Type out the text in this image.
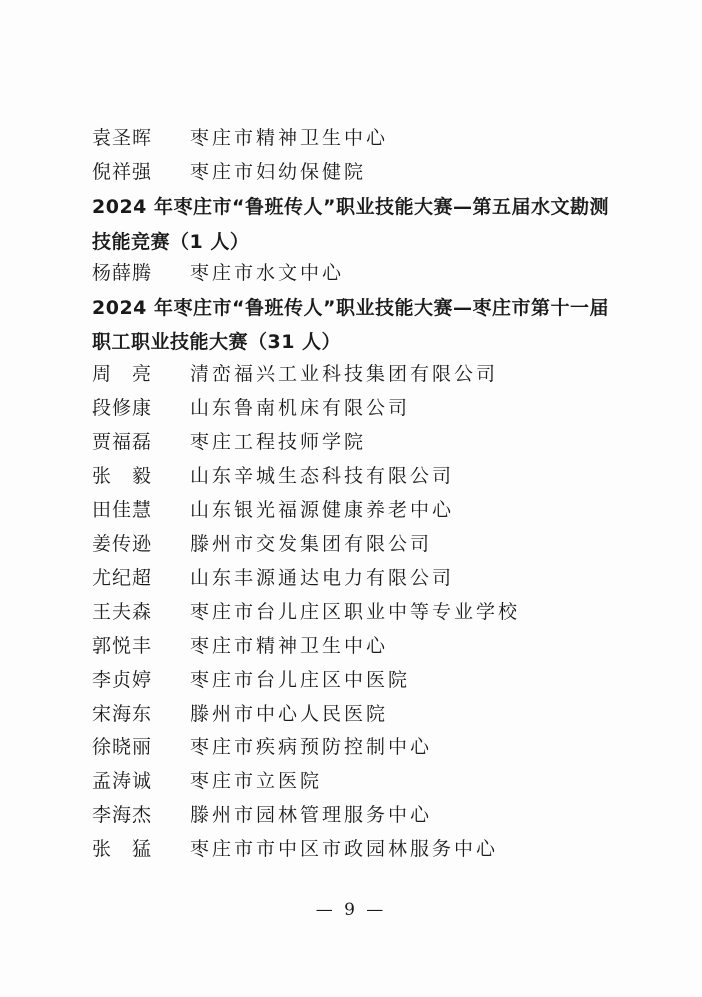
袁圣晖 枣庄市精神卫生中心
倪祥强 枣庄市妇幼保健院
2024 年枣庄市“鲁班传人”职业技能大赛—第五届水文勘测
技能竞赛（1 人）
杨薛腾 枣庄市水文中心
2024 年枣庄市“鲁班传人”职业技能大赛—枣庄市第十一届
职工职业技能大赛（31 人）
周　亮 清峦福兴工业科技集团有限公司
段修康 山东鲁南机床有限公司
贾福磊 枣庄工程技师学院
张　毅 山东辛城生态科技有限公司
田佳慧 山东银光福源健康养老中心
姜传逊 滕州市交发集团有限公司
尤纪超 山东丰源通达电力有限公司
王夫森 枣庄市台儿庄区职业中等专业学校
郭悦丰 枣庄市精神卫生中心
李贞婷 枣庄市台儿庄区中医院
宋海东 滕州市中心人民医院
徐晓丽 枣庄市疾病预防控制中心
孟涛诚 枣庄市立医院
李海杰 滕州市园林管理服务中心
张　猛 枣庄市市中区市政园林服务中心
— 9 —
